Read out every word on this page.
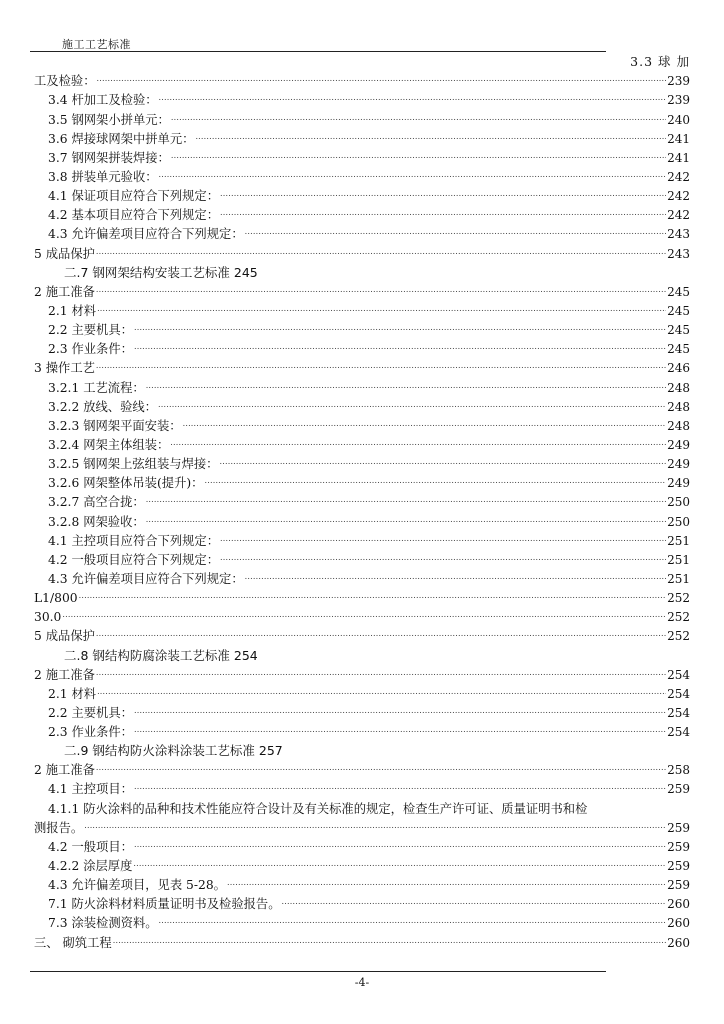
施工工艺标准
3.3 球 加
工及检验： .....	239
3.4 杆加工及检验： .....	239
3.5 钢网架小拼单元： .....	240
3.6 焊接球网架中拼单元： .....	241
3.7 钢网架拼装焊接： .....	241
3.8 拼装单元验收： .....	242
4.1 保证项目应符合下列规定： .....	242
4.2 基本项目应符合下列规定： .....	242
4.3 允许偏差项目应符合下列规定： .....	243
5 成品保护 .....	243
二.7 钢网架结构安装工艺标准 245
2 施工准备 .....	245
2.1 材料 .....	245
2.2 主要机具： .....	245
2.3 作业条件： .....	245
3 操作工艺 .....	246
3.2.1 工艺流程： .....	248
3.2.2 放线、验线： .....	248
3.2.3 钢网架平面安装： .....	248
3.2.4 网架主体组装： .....	249
3.2.5 钢网架上弦组装与焊接： .....	249
3.2.6 网架整体吊装(提升)： .....	249
3.2.7 高空合拢： .....	250
3.2.8 网架验收： .....	250
4.1 主控项目应符合下列规定： .....	251
4.2 一般项目应符合下列规定： .....	251
4.3 允许偏差项目应符合下列规定： .....	251
L1/800 .....	252
30.0 .....	252
5 成品保护 .....	252
二.8 钢结构防腐涂装工艺标准 254
2 施工准备 .....	254
2.1 材料 .....	254
2.2 主要机具： .....	254
2.3 作业条件： .....	254
二.9 钢结构防火涂料涂装工艺标准 257
2 施工准备 .....	258
4.1 主控项目： .....	259
4.1.1 防火涂料的品种和技术性能应符合设计及有关标准的规定，检查生产许可证、质量证明书和检
测报告。 .....	259
4.2 一般项目： .....	259
4.2.2 涂层厚度 .....	259
4.3 允许偏差项目，见表 5-28。 .....	259
7.1 防火涂料材料质量证明书及检验报告。 .....	260
7.3 涂装检测资料。 .....	260
三、 砌筑工程 .....	260
-4-
